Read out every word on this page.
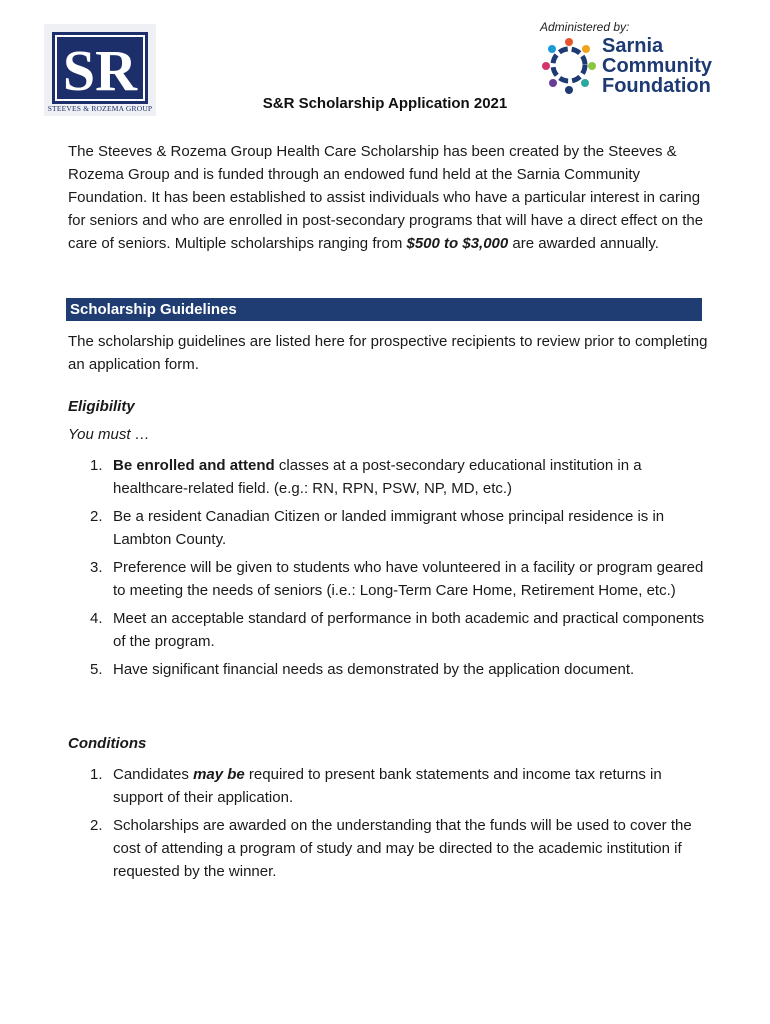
SR
STEEVES & ROZEMA GROUP
Administered by:
Sarnia
Community
Foundation
S&R Scholarship Application 2021
The Steeves & Rozema Group Health Care Scholarship has been created by the Steeves & Rozema Group and is funded through an endowed fund held at the Sarnia Community Foundation. It has been established to assist individuals who have a particular interest in caring for seniors and who are enrolled in post-secondary programs that will have a direct effect on the care of seniors. Multiple scholarships ranging from $500 to $3,000 are awarded annually.
Scholarship Guidelines
The scholarship guidelines are listed here for prospective recipients to review prior to completing an application form.
Eligibility
You must …
1. Be enrolled and attend classes at a post-secondary educational institution in a healthcare-related field. (e.g.: RN, RPN, PSW, NP, MD, etc.)
2. Be a resident Canadian Citizen or landed immigrant whose principal residence is in Lambton County.
3. Preference will be given to students who have volunteered in a facility or program geared to meeting the needs of seniors (i.e.: Long-Term Care Home, Retirement Home, etc.)
4. Meet an acceptable standard of performance in both academic and practical components of the program.
5. Have significant financial needs as demonstrated by the application document.
Conditions
1. Candidates may be required to present bank statements and income tax returns in support of their application.
2. Scholarships are awarded on the understanding that the funds will be used to cover the cost of attending a program of study and may be directed to the academic institution if requested by the winner.
